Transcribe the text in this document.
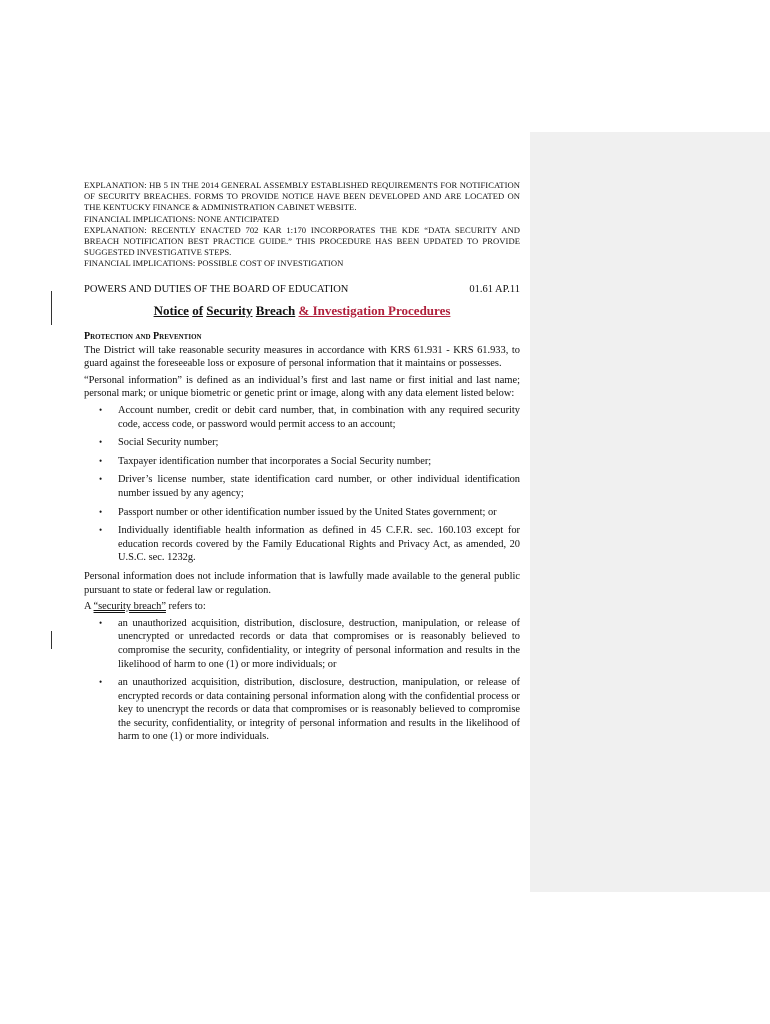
EXPLANATION: HB 5 IN THE 2014 GENERAL ASSEMBLY ESTABLISHED REQUIREMENTS FOR NOTIFICATION OF SECURITY BREACHES. FORMS TO PROVIDE NOTICE HAVE BEEN DEVELOPED AND ARE LOCATED ON THE KENTUCKY FINANCE & ADMINISTRATION CABINET WEBSITE.

FINANCIAL IMPLICATIONS: NONE ANTICIPATED

EXPLANATION: RECENTLY ENACTED 702 KAR 1:170 INCORPORATES THE KDE “DATA SECURITY AND BREACH NOTIFICATION BEST PRACTICE GUIDE.” THIS PROCEDURE HAS BEEN UPDATED TO PROVIDE SUGGESTED INVESTIGATIVE STEPS.

FINANCIAL IMPLICATIONS: POSSIBLE COST OF INVESTIGATION

POWERS AND DUTIES OF THE BOARD OF EDUCATION	01.61 AP.11
Notice of Security Breach & Investigation Procedures
Protection and Prevention

The District will take reasonable security measures in accordance with KRS 61.931 - KRS 61.933, to guard against the foreseeable loss or exposure of personal information that it maintains or possesses.

“Personal information” is defined as an individual’s first and last name or first initial and last name; personal mark; or unique biometric or genetic print or image, along with any data element listed below:

• Account number, credit or debit card number, that, in combination with any required security code, access code, or password would permit access to an account;
• Social Security number;
• Taxpayer identification number that incorporates a Social Security number;
• Driver’s license number, state identification card number, or other individual identification number issued by any agency;
• Passport number or other identification number issued by the United States government; or
• Individually identifiable health information as defined in 45 C.F.R. sec. 160.103 except for education records covered by the Family Educational Rights and Privacy Act, as amended, 20 U.S.C. sec. 1232g.

Personal information does not include information that is lawfully made available to the general public pursuant to state or federal law or regulation.

A “security breach” refers to:

• an unauthorized acquisition, distribution, disclosure, destruction, manipulation, or release of unencrypted or unredacted records or data that compromises or is reasonably believed to compromise the security, confidentiality, or integrity of personal information and results in the likelihood of harm to one (1) or more individuals; or
• an unauthorized acquisition, distribution, disclosure, destruction, manipulation, or release of encrypted records or data containing personal information along with the confidential process or key to unencrypt the records or data that compromises or is reasonably believed to compromise the security, confidentiality, or integrity of personal information and results in the likelihood of harm to one (1) or more individuals.
